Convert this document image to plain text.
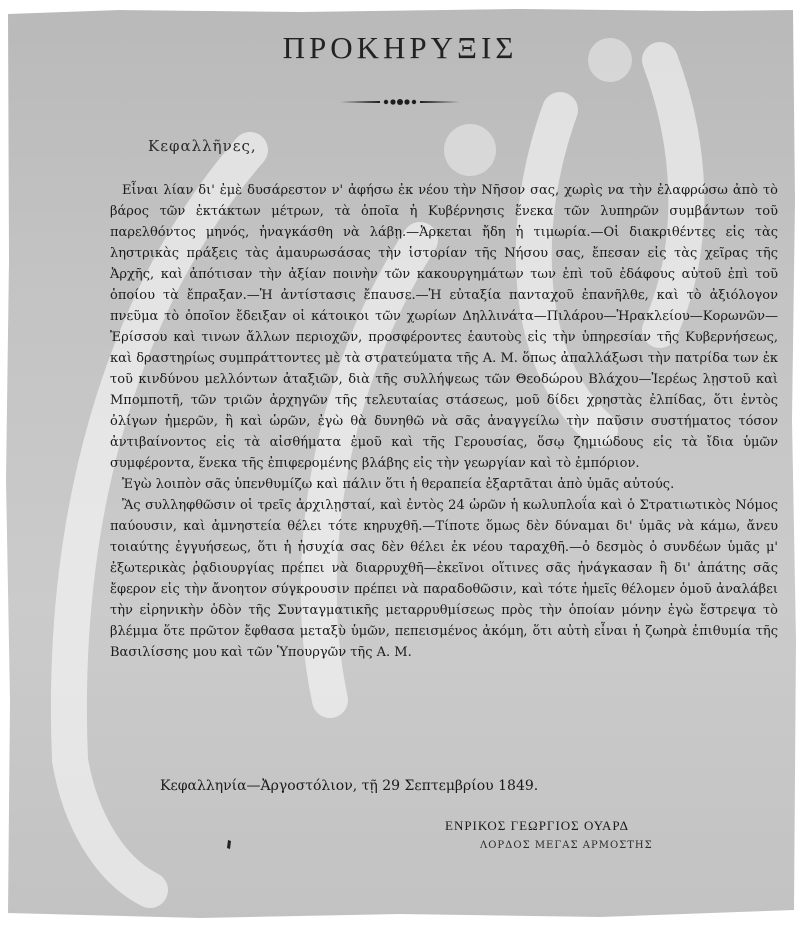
ΠΡΟΚΗΡΥΞΙΣ
Κεφαλλῆνες,

Εἶναι λίαν δι' ἐμὲ δυσάρεστον ν' ἀφήσω ἐκ νέου τὴν Νῆσον σας, χωρὶς να τὴν ἐλαφρώσω ἀπὸ τὸ βάρος τῶν ἐκτάκτων μέτρων, τὰ ὁποῖα ἡ Κυβέρνησις ἕνεκα τῶν λυπηρῶν συμβάντων τοῦ παρελθόντος μηνός, ἠναγκάσθη νὰ λάβῃ.—Ἀρκεται ἤδη ἡ τιμωρία.—Οἱ διακριθέντες εἰς τὰς ληστρικὰς πράξεις τὰς ἀμαυρωσάσας τὴν ἱστορίαν τῆς Νήσου σας, ἔπεσαν εἰς τὰς χεῖρας τῆς Ἀρχῆς, καὶ ἀπότισαν τὴν ἀξίαν ποινὴν τῶν κακουργημάτων των ἐπὶ τοῦ ἐδάφους αὐτοῦ ἐπὶ τοῦ ὁποίου τὰ ἔπραξαν.—Ἡ ἀντίστασις ἔπαυσε.—Ἡ εὐταξία πανταχοῦ ἐπανῆλθε, καὶ τὸ ἀξιόλογον πνεῦμα τὸ ὁποῖον ἔδειξαν οἱ κάτοικοι τῶν χωρίων Δηλλινάτα—Πιλάρου—Ἡρακλείου—Κορωνῶν—Ἐρίσσου καὶ τινων ἄλλων περιοχῶν, προσφέροντες ἑαυτοὺς εἰς τὴν ὑπηρεσίαν τῆς Κυβερνήσεως, καὶ δραστηρίως συμπράττοντες μὲ τὰ στρατεύματα τῆς Α. Μ. ὅπως ἀπαλλάξωσι τὴν πατρίδα των ἐκ τοῦ κινδύνου μελλόντων ἀταξιῶν, διὰ τῆς συλλήψεως τῶν Θεοδώρου Βλάχου—Ἱερέως λῃστοῦ καὶ Μπομποτῆ, τῶν τριῶν ἀρχηγῶν τῆς τελευταίας στάσεως, μοῦ δίδει χρηστὰς ἐλπίδας, ὅτι ἐντὸς ὀλίγων ἡμερῶν, ἢ καὶ ὡρῶν, ἐγὼ θὰ δυνηθῶ νὰ σᾶς ἀναγγείλω τὴν παῦσιν συστήματος τόσον ἀντιβαίνοντος εἰς τὰ αἰσθήματα ἐμοῦ καὶ τῆς Γερουσίας, ὅσῳ ζημιώδους εἰς τὰ ἴδια ὑμῶν συμφέροντα, ἕνεκα τῆς ἐπιφερομένης βλάβης εἰς τὴν γεωργίαν καὶ τὸ ἐμπόριον.

Ἐγὼ λοιπὸν σᾶς ὑπενθυμίζω καὶ πάλιν ὅτι ἡ θεραπεία ἐξαρτᾶται ἀπὸ ὑμᾶς αὐτούς.

Ἂς συλληφθῶσιν οἱ τρεῖς ἀρχιλῃσταί, καὶ ἐντὸς 24 ὡρῶν ἡ κωλυπλοΐα καὶ ὁ Στρατιωτικὸς Νόμος παύουσιν, καὶ ἀμνηστεία θέλει τότε κηρυχθῆ.—Τίποτε ὅμως δὲν δύναμαι δι' ὑμᾶς νὰ κάμω, ἄνευ τοιαύτης ἐγγυήσεως, ὅτι ἡ ἡσυχία σας δὲν θέλει ἐκ νέου ταραχθῆ.—ὁ δεσμὸς ὁ συνδέων ὑμᾶς μ' ἐξωτερικὰς ῥᾳδιουργίας πρέπει νὰ διαρρυχθῆ—ἐκεῖνοι οἵτινες σᾶς ἠνάγκασαν ἢ δι' ἀπάτης σᾶς ἔφερον εἰς τὴν ἄνοητον σύγκρουσιν πρέπει νὰ παραδοθῶσιν, καὶ τότε ἡμεῖς θέλομεν ὁμοῦ ἀναλάβει τὴν εἰρηνικὴν ὁδὸν τῆς Συνταγματικῆς μεταρρυθμίσεως πρὸς τὴν ὁποίαν μόνην ἐγὼ ἔστρεψα τὸ βλέμμα ὅτε πρῶτον ἔφθασα μεταξὺ ὑμῶν, πεπεισμένος ἀκόμη, ὅτι αὐτὴ εἶναι ἡ ζωηρὰ ἐπιθυμία τῆς Βασιλίσσης μου καὶ τῶν Ὑπουργῶν τῆς Α. Μ.

Κεφαλληνία—Ἀργοστόλιον, τῇ 29 Σεπτεμβρίου 1849.
ΕΝΡΙΚΟΣ ΓΕΩΡΓΙΟΣ ΟΥΑΡΔ
ΛΟΡΔΟΣ ΜΕΓΑΣ ΑΡΜΟΣΤΗΣ
